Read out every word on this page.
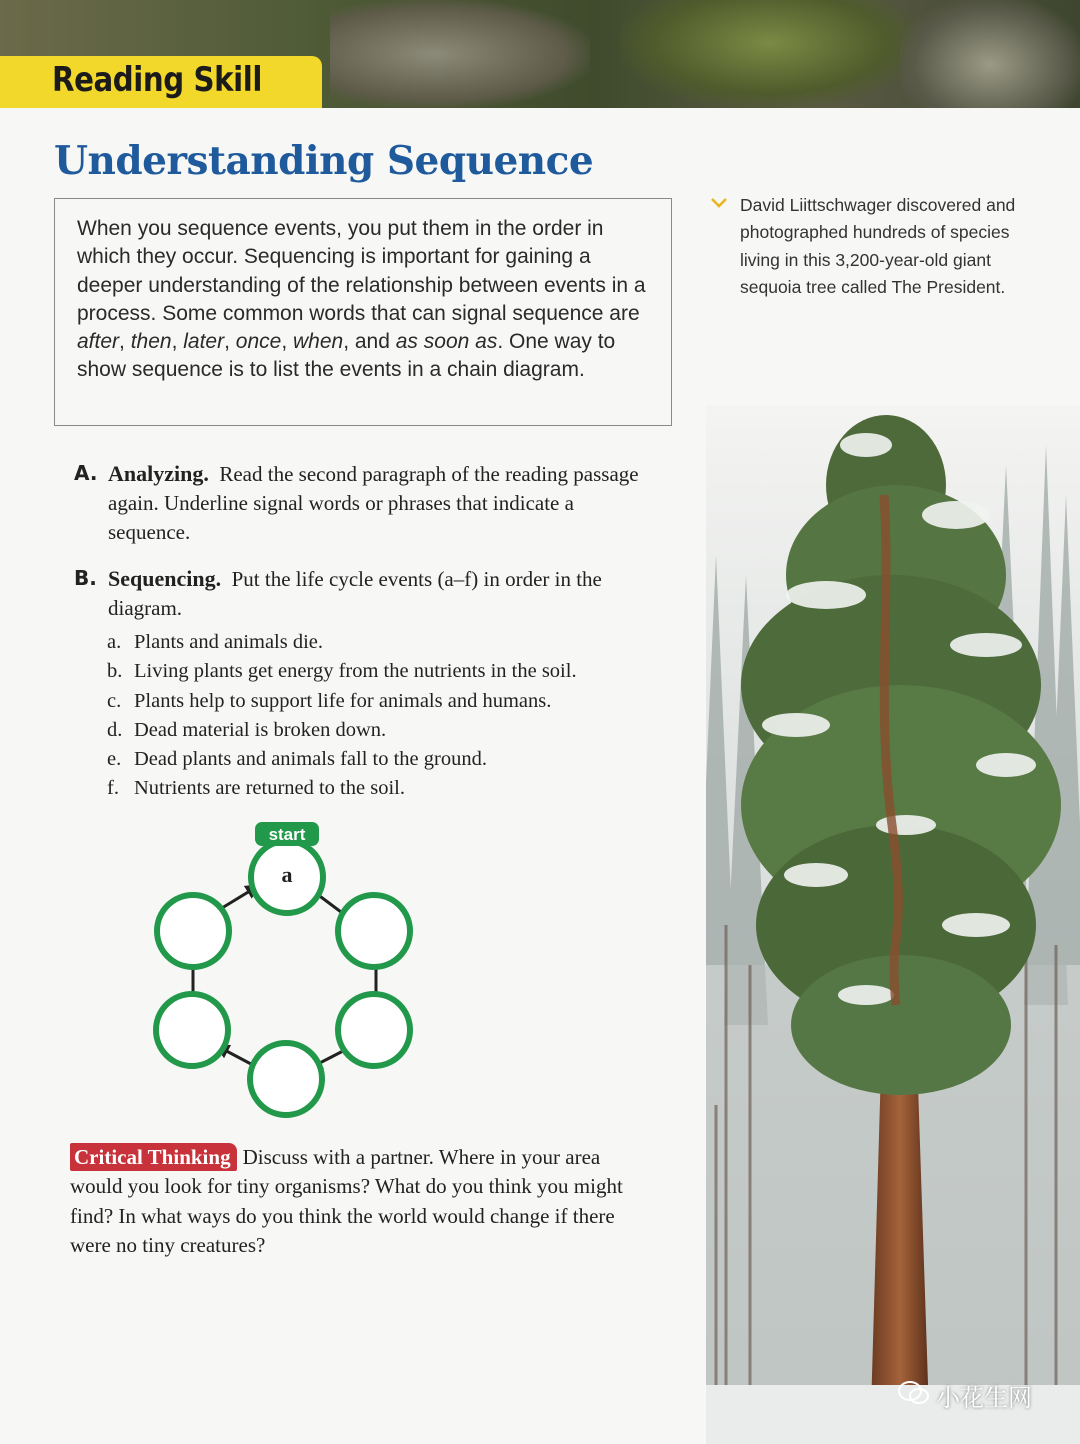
Reading Skill
Understanding Sequence
When you sequence events, you put them in the order in which they occur. Sequencing is important for gaining a deeper understanding of the relationship between events in a process. Some common words that can signal sequence are after, then, later, once, when, and as soon as. One way to show sequence is to list the events in a chain diagram.
David Liittschwager discovered and photographed hundreds of species living in this 3,200-year-old giant sequoia tree called The President.
A. Analyzing. Read the second paragraph of the reading passage again. Underline signal words or phrases that indicate a sequence.
B. Sequencing. Put the life cycle events (a–f) in order in the diagram.
a. Plants and animals die.
b. Living plants get energy from the nutrients in the soil.
c. Plants help to support life for animals and humans.
d. Dead material is broken down.
e. Dead plants and animals fall to the ground.
f. Nutrients are returned to the soil.
start
a
Critical Thinking Discuss with a partner. Where in your area would you look for tiny organisms? What do you think you might find? In what ways do you think the world would change if there were no tiny creatures?
小花生网
